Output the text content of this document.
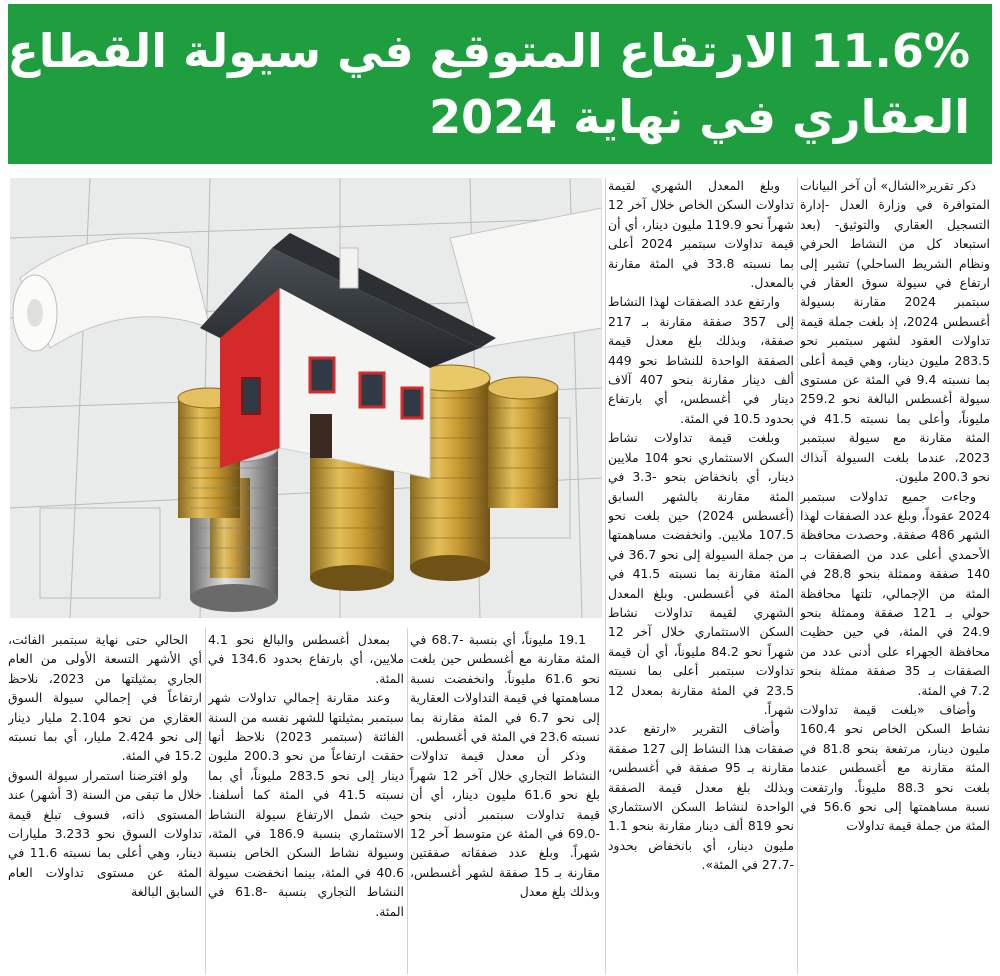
11.6% الارتفاع المتوقع في سيولة القطاع
العقاري في نهاية 2024

ذكر تقرير«الشال» أن آخر البيانات المتوافرة في وزارة العدل -إدارة التسجيل العقاري والتوثيق- (بعد استبعاد كل من النشاط الحرفي ونظام الشريط الساحلي) تشير إلى ارتفاع في سيولة سوق العقار في سبتمبر 2024 مقارنة بسيولة أغسطس 2024، إذ بلغت جملة قيمة تداولات العقود لشهر سبتمبر نحو 283.5 مليون دينار، وهي قيمة أعلى بما نسبته 9.4 في المئة عن مستوى سيولة أغسطس البالغة نحو 259.2 مليوناً، وأعلى بما نسبته 41.5 في المئة مقارنة مع سيولة سبتمبر 2023، عندما بلغت السيولة آنذاك نحو 200.3 مليون.

وجاءت جميع تداولات سبتمبر 2024 عقوداً، وبلغ عدد الصفقات لهذا الشهر 486 صفقة. وحصدت محافظة الأحمدي أعلى عدد من الصفقات بـ 140 صفقة وممثلة بنحو 28.8 في المئة من الإجمالي، تلتها محافظة حولي بـ 121 صفقة وممثلة بنحو 24.9 في المئة، في حين حظيت محافظة الجهراء على أدنى عدد من الصفقات بـ 35 صفقة ممثلة بنحو 7.2 في المئة.

وأضاف «بلغت قيمة تداولات نشاط السكن الخاص نحو 160.4 مليون دينار، مرتفعة بنحو 81.8 في المئة مقارنة مع أغسطس عندما بلغت نحو 88.3 مليوناً. وارتفعت نسبة مساهمتها إلى نحو 56.6 في المئة من جملة قيمة تداولات

وبلغ المعدل الشهري لقيمة تداولات السكن الخاص خلال آخر 12 شهراً نحو 119.9 مليون دينار، أي أن قيمة تداولات سبتمبر 2024 أعلى بما نسبته 33.8 في المئة مقارنة بالمعدل.

وارتفع عدد الصفقات لهذا النشاط إلى 357 صفقة مقارنة بـ 217 صفقة، وبذلك بلغ معدل قيمة الصفقة الواحدة للنشاط نحو 449 ألف دينار مقارنة بنحو 407 آلاف دينار في أغسطس، أي بارتفاع بحدود 10.5 في المئة.

وبلغت قيمة تداولات نشاط السكن الاستثماري نحو 104 ملايين دينار، أي بانخفاض بنحو -3.3 في المئة مقارنة بالشهر السابق (أغسطس 2024) حين بلغت نحو 107.5 ملايين. وانخفضت مساهمتها من جملة السيولة إلى نحو 36.7 في المئة مقارنة بما نسبته 41.5 في المئة في أغسطس. وبلغ المعدل الشهري لقيمة تداولات نشاط السكن الاستثماري خلال آخر 12 شهراً نحو 84.2 مليوناً، أي أن قيمة تداولات سبتمبر أعلى بما نسبته 23.5 في المئة مقارنة بمعدل 12 شهراً.

وأضاف التقرير «ارتفع عدد صفقات هذا النشاط إلى 127 صفقة مقارنة بـ 95 صفقة في أغسطس، وبذلك بلغ معدل قيمة الصفقة الواحدة لنشاط السكن الاستثماري نحو 819 ألف دينار مقارنة بنحو 1.1 مليون دينار، أي بانخفاض بحدود -27.7 في المئة».

19.1 مليوناً، أي بنسبة -68.7 في المئة مقارنة مع أغسطس حين بلغت نحو 61.6 مليوناً. وانخفضت نسبة مساهمتها في قيمة التداولات العقارية إلى نحو 6.7 في المئة مقارنة بما نسبته 23.6 في المئة في أغسطس.

وذكر أن معدل قيمة تداولات النشاط التجاري خلال آخر 12 شهراً بلغ نحو 61.6 مليون دينار، أي أن قيمة تداولات سبتمبر أدنى بنحو -69.0 في المئة عن متوسط آخر 12 شهراً. وبلغ عدد صفقاته صفقتين مقارنة بـ 15 صفقة لشهر أغسطس، وبذلك بلغ معدل

بمعدل أغسطس والبالغ نحو 4.1 ملايين، أي بارتفاع بحدود 134.6 في المئة.

وعند مقارنة إجمالي تداولات شهر سبتمبر بمثيلتها للشهر نفسه من السنة الفائتة (سبتمبر 2023) نلاحظ أنها حققت ارتفاعاً من نحو 200.3 مليون دينار إلى نحو 283.5 مليوناً، أي بما نسبته 41.5 في المئة كما أسلفنا. حيث شمل الارتفاع سيولة النشاط الاستثماري بنسبة 186.9 في المئة، وسيولة نشاط السكن الخاص بنسبة 40.6 في المئة، بينما انخفضت سيولة النشاط التجاري بنسبة -61.8 في المئة.

الحالي حتى نهاية سبتمبر الفائت، أي الأشهر التسعة الأولى من العام الجاري بمثيلتها من 2023، نلاحظ ارتفاعاً في إجمالي سيولة السوق العقاري من نحو 2.104 مليار دينار إلى نحو 2.424 مليار، أي بما نسبته 15.2 في المئة.

ولو افترضنا استمرار سيولة السوق خلال ما تبقى من السنة (3 أشهر) عند المستوى ذاته، فسوف تبلغ قيمة تداولات السوق نحو 3.233 مليارات دينار، وهي أعلى بما نسبته 11.6 في المئة عن مستوى تداولات العام السابق البالغة
